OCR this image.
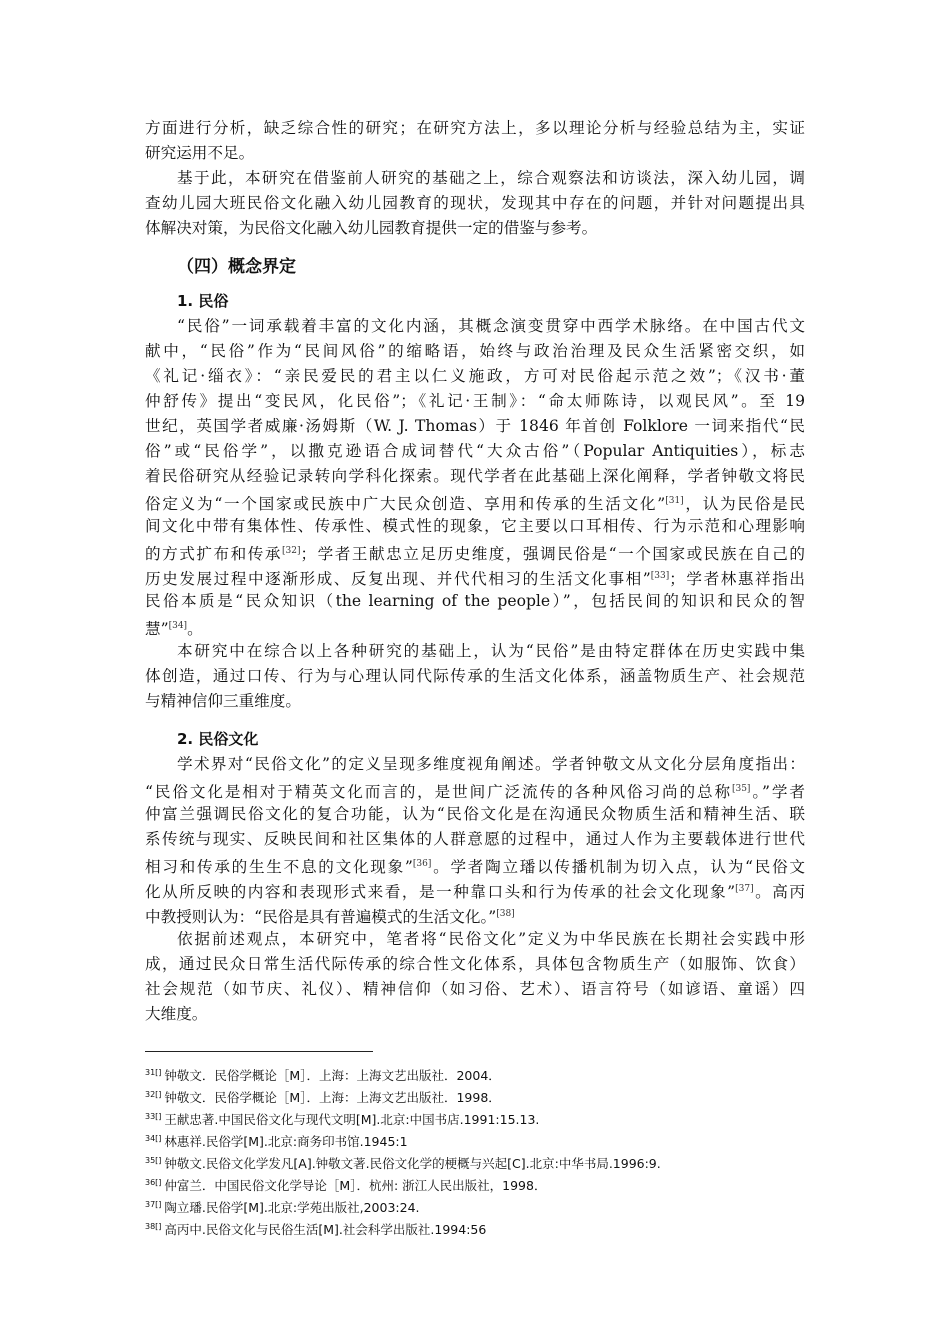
方面进行分析，缺乏综合性的研究；在研究方法上，多以理论分析与经验总结为主，实证
研究运用不足。
基于此，本研究在借鉴前人研究的基础之上，综合观察法和访谈法，深入幼儿园，调
查幼儿园大班民俗文化融入幼儿园教育的现状，发现其中存在的问题，并针对问题提出具
体解决对策，为民俗文化融入幼儿园教育提供一定的借鉴与参考。
（四）概念界定
1. 民俗
“民俗”一词承载着丰富的文化内涵，其概念演变贯穿中西学术脉络。在中国古代文
献中，“民俗”作为“民间风俗”的缩略语，始终与政治治理及民众生活紧密交织，如
《礼记·缁衣》：“亲民爱民的君主以仁义施政，方可对民俗起示范之效”；《汉书·董
仲舒传》提出“变民风，化民俗”；《礼记·王制》：“命太师陈诗，以观民风”。至 19
世纪，英国学者威廉·汤姆斯（W. J. Thomas）于 1846 年首创 Folklore 一词来指代“民
俗”或“民俗学”，以撒克逊语合成词替代“大众古俗”（Popular Antiquities），标志
着民俗研究从经验记录转向学科化探索。现代学者在此基础上深化阐释，学者钟敬文将民
俗定义为“一个国家或民族中广大民众创造、享用和传承的生活文化”[31]，认为民俗是民
间文化中带有集体性、传承性、模式性的现象，它主要以口耳相传、行为示范和心理影响
的方式扩布和传承[32]；学者王献忠立足历史维度，强调民俗是“一个国家或民族在自己的
历史发展过程中逐渐形成、反复出现、并代代相习的生活文化事相”[33]；学者林惠祥指出
民俗本质是“民众知识（the learning of the people）”，包括民间的知识和民众的智
慧”[34]。
本研究中在综合以上各种研究的基础上，认为“民俗”是由特定群体在历史实践中集
体创造，通过口传、行为与心理认同代际传承的生活文化体系，涵盖物质生产、社会规范
与精神信仰三重维度。
2. 民俗文化
学术界对“民俗文化”的定义呈现多维度视角阐述。学者钟敬文从文化分层角度指出：
“民俗文化是相对于精英文化而言的，是世间广泛流传的各种风俗习尚的总称[35]。”学者
仲富兰强调民俗文化的复合功能，认为“民俗文化是在沟通民众物质生活和精神生活、联
系传统与现实、反映民间和社区集体的人群意愿的过程中，通过人作为主要载体进行世代
相习和传承的生生不息的文化现象”[36]。学者陶立璠以传播机制为切入点，认为“民俗文
化从所反映的内容和表现形式来看，是一种靠口头和行为传承的社会文化现象”[37]。高丙
中教授则认为：“民俗是具有普遍模式的生活文化。”[38]
依据前述观点，本研究中，笔者将“民俗文化”定义为中华民族在长期社会实践中形
成，通过民众日常生活代际传承的综合性文化体系，具体包含物质生产（如服饰、饮食）
社会规范（如节庆、礼仪）、精神信仰（如习俗、艺术）、语言符号（如谚语、童谣）四
大维度。
$^{31[]}$ 钟敬文．民俗学概论［M］．上海：上海文艺出版社．2004．
$^{32[]}$ 钟敬文．民俗学概论［M］．上海：上海文艺出版社．1998．
$^{33[]}$ 王献忠著.中国民俗文化与现代文明[M].北京:中国书店.1991:15.13.
$^{34[]}$ 林惠祥.民俗学[M].北京:商务印书馆.1945:1
$^{35[]}$ 钟敬文.民俗文化学发凡[A].钟敬文著.民俗文化学的梗概与兴起[C].北京:中华书局.1996:9.
$^{36[]}$ 仲富兰．中国民俗文化学导论［M］．杭州: 浙江人民出版社，1998．
$^{37[]}$ 陶立璠.民俗学[M].北京:学苑出版社,2003:24.
$^{38[]}$ 高丙中.民俗文化与民俗生活[M].社会科学出版社.1994:56
